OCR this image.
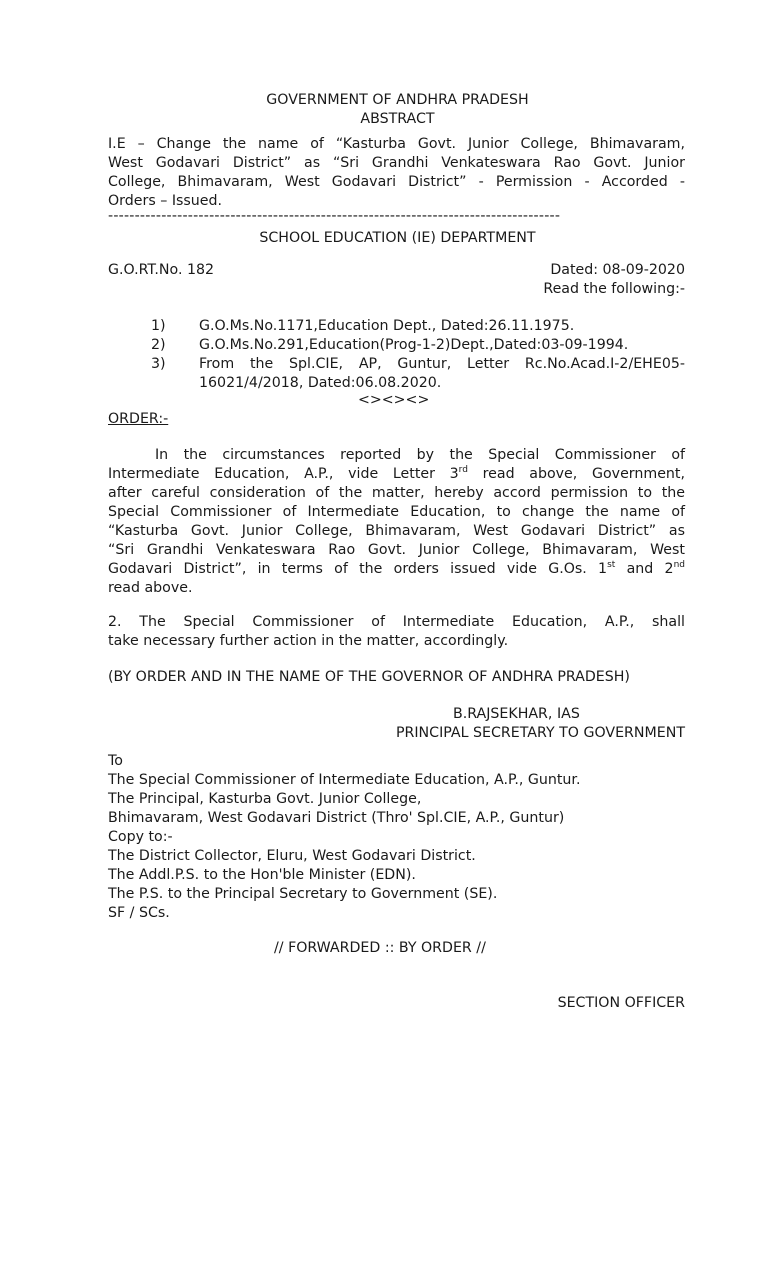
GOVERNMENT OF ANDHRA PRADESH
ABSTRACT
I.E – Change the name of “Kasturba Govt. Junior College, Bhimavaram,
West Godavari District” as “Sri Grandhi Venkateswara Rao Govt. Junior
College, Bhimavaram, West Godavari District” - Permission - Accorded -
Orders – Issued.
-------------------------------------------------------------------------------------
SCHOOL EDUCATION (IE) DEPARTMENT
G.O.RT.No. 182	Dated: 08-09-2020
Read the following:-
1) G.O.Ms.No.1171,Education Dept., Dated:26.11.1975.
2) G.O.Ms.No.291,Education(Prog-1-2)Dept.,Dated:03-09-1994.
3) From the Spl.CIE, AP, Guntur, Letter Rc.No.Acad.I-2/EHE05-
16021/4/2018, Dated:06.08.2020.
<><><>
ORDER:-
In the circumstances reported by the Special Commissioner of
Intermediate Education, A.P., vide Letter 3rd read above, Government,
after careful consideration of the matter, hereby accord permission to the
Special Commissioner of Intermediate Education, to change the name of
“Kasturba Govt. Junior College, Bhimavaram, West Godavari District” as
“Sri Grandhi Venkateswara Rao Govt. Junior College, Bhimavaram, West
Godavari District”, in terms of the orders issued vide G.Os. 1st and 2nd
read above.
2. The Special Commissioner of Intermediate Education, A.P., shall
take necessary further action in the matter, accordingly.
(BY ORDER AND IN THE NAME OF THE GOVERNOR OF ANDHRA PRADESH)
B.RAJSEKHAR, IAS
PRINCIPAL SECRETARY TO GOVERNMENT
To
The Special Commissioner of Intermediate Education, A.P., Guntur.
The Principal, Kasturba Govt. Junior College,
Bhimavaram, West Godavari District (Thro' Spl.CIE, A.P., Guntur)
Copy to:-
The District Collector, Eluru, West Godavari District.
The Addl.P.S. to the Hon'ble Minister (EDN).
The P.S. to the Principal Secretary to Government (SE).
SF / SCs.
// FORWARDED :: BY ORDER //
SECTION OFFICER
